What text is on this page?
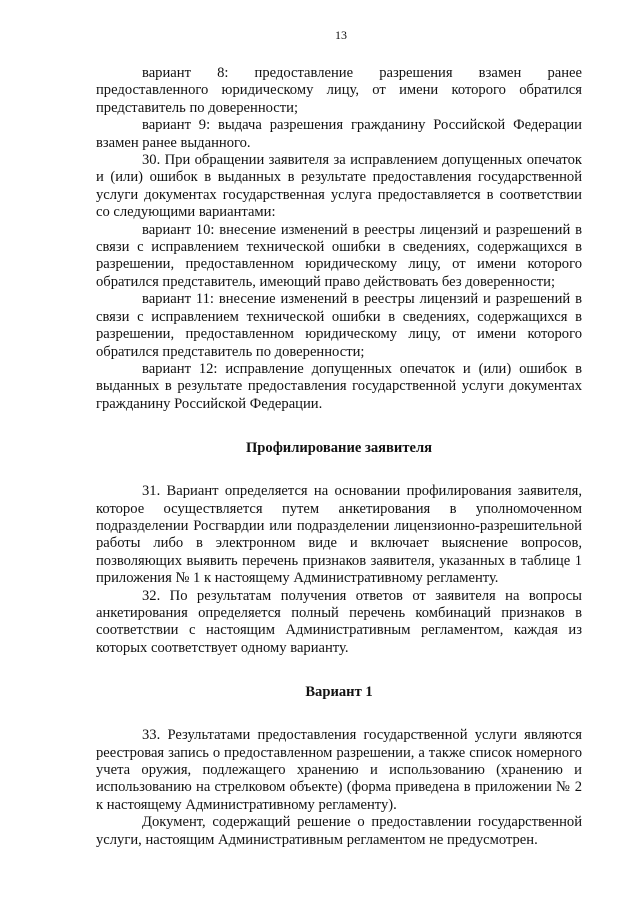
13

вариант 8: предоставление разрешения взамен ранее предоставленного юридическому лицу, от имени которого обратился представитель по доверенности;

вариант 9: выдача разрешения гражданину Российской Федерации взамен ранее выданного.

30. При обращении заявителя за исправлением допущенных опечаток и (или) ошибок в выданных в результате предоставления государственной услуги документах государственная услуга предоставляется в соответствии со следующими вариантами:

вариант 10: внесение изменений в реестры лицензий и разрешений в связи с исправлением технической ошибки в сведениях, содержащихся в разрешении, предоставленном юридическому лицу, от имени которого обратился представитель, имеющий право действовать без доверенности;

вариант 11: внесение изменений в реестры лицензий и разрешений в связи с исправлением технической ошибки в сведениях, содержащихся в разрешении, предоставленном юридическому лицу, от имени которого обратился представитель по доверенности;

вариант 12: исправление допущенных опечаток и (или) ошибок в выданных в результате предоставления государственной услуги документах гражданину Российской Федерации.

Профилирование заявителя

31. Вариант определяется на основании профилирования заявителя, которое осуществляется путем анкетирования в уполномоченном подразделении Росгвардии или подразделении лицензионно-разрешительной работы либо в электронном виде и включает выяснение вопросов, позволяющих выявить перечень признаков заявителя, указанных в таблице 1 приложения № 1 к настоящему Административному регламенту.

32. По результатам получения ответов от заявителя на вопросы анкетирования определяется полный перечень комбинаций признаков в соответствии с настоящим Административным регламентом, каждая из которых соответствует одному варианту.

Вариант 1

33. Результатами предоставления государственной услуги являются реестровая запись о предоставленном разрешении, а также список номерного учета оружия, подлежащего хранению и использованию (хранению и использованию на стрелковом объекте) (форма приведена в приложении № 2 к настоящему Административному регламенту).

Документ, содержащий решение о предоставлении государственной услуги, настоящим Административным регламентом не предусмотрен.
